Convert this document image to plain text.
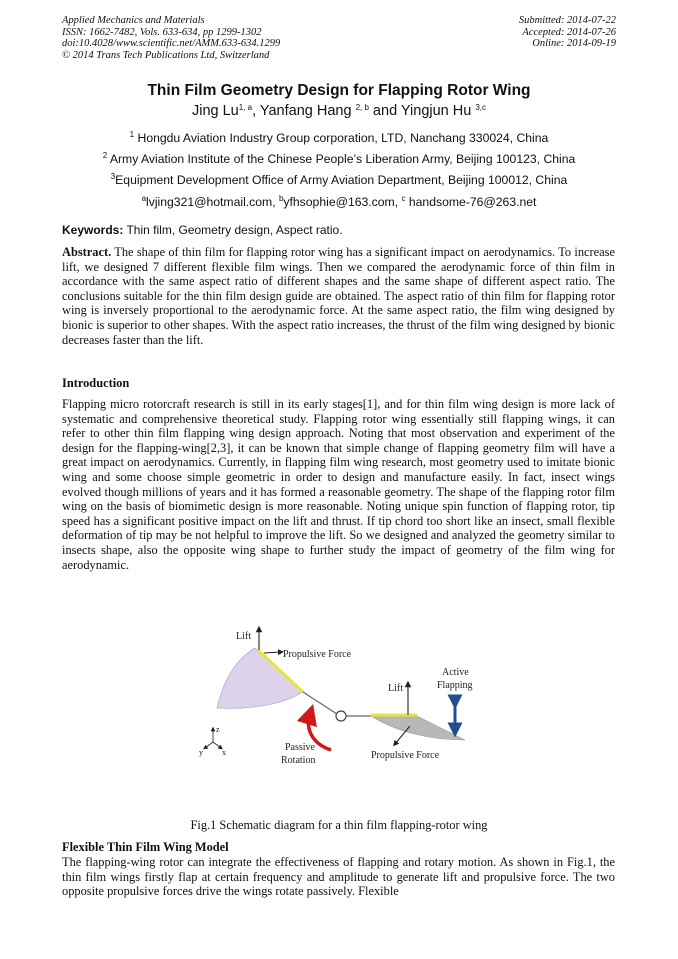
Applied Mechanics and Materials
ISSN: 1662-7482, Vols. 633-634, pp 1299-1302
doi:10.4028/www.scientific.net/AMM.633-634.1299
© 2014 Trans Tech Publications Ltd, Switzerland
Submitted: 2014-07-22
Accepted: 2014-07-26
Online: 2014-09-19
Thin Film Geometry Design for Flapping Rotor Wing
Jing Lu$^{1, a}$, Yanfang Hang $^{2, b}$ and Yingjun Hu $^{3,c}$
$^1$ Hongdu Aviation Industry Group corporation, LTD, Nanchang 330024, China
$^2$ Army Aviation Institute of the Chinese People’s Liberation Army, Beijing 100123, China
$^3$Equipment Development Office of Army Aviation Department, Beijing 100012, China
$^a$lvjing321@hotmail.com, $^b$yfhsophie@163.com, $^c$ handsome-76@263.net
Keywords: Thin film, Geometry design, Aspect ratio.
Abstract. The shape of thin film for flapping rotor wing has a significant impact on aerodynamics. To increase lift, we designed 7 different flexible film wings. Then we compared the aerodynamic force of thin film in accordance with the same aspect ratio of different shapes and the same shape of different aspect ratio. The conclusions suitable for the thin film design guide are obtained. The aspect ratio of thin film for flapping rotor wing is inversely proportional to the aerodynamic force. At the same aspect ratio, the film wing designed by bionic is superior to other shapes. With the aspect ratio increases, the thrust of the film wing designed by bionic decreases faster than the lift.
Introduction
Flapping micro rotorcraft research is still in its early stages[1], and for thin film wing design is more lack of systematic and comprehensive theoretical study. Flapping rotor wing essentially still flapping wings, it can refer to other thin film flapping wing design approach. Noting that most observation and experiment of the design for the flapping-wing[2,3], it can be known that simple change of flapping geometry film will have a great impact on aerodynamics. Currently, in flapping film wing research, most geometry used to imitate bionic wing and some choose simple geometric in order to design and manufacture easily. In fact, insect wings evolved though millions of years and it has formed a reasonable geometry. The shape of the flapping rotor film wing on the basis of biomimetic design is more reasonable. Noting unique spin function of flapping rotor, tip speed has a significant positive impact on the lift and thrust. If tip chord too short like an insect, small flexible deformation of tip may be not helpful to improve the lift. So we designed and analyzed the geometry similar to insects shape, also the opposite wing shape to further study the impact of geometry of the film wing for aerodynamic.
Lift
Propulsive Force
Lift
Active
Flapping
Passive
Rotation	Propulsive Force
z
y x
Fig.1 Schematic diagram for a thin film flapping-rotor wing
Flexible Thin Film Wing Model
The flapping-wing rotor can integrate the effectiveness of flapping and rotary motion. As shown in Fig.1, the thin film wings firstly flap at certain frequency and amplitude to generate lift and propulsive force. The two opposite propulsive forces drive the wings rotate passively. Flexible
